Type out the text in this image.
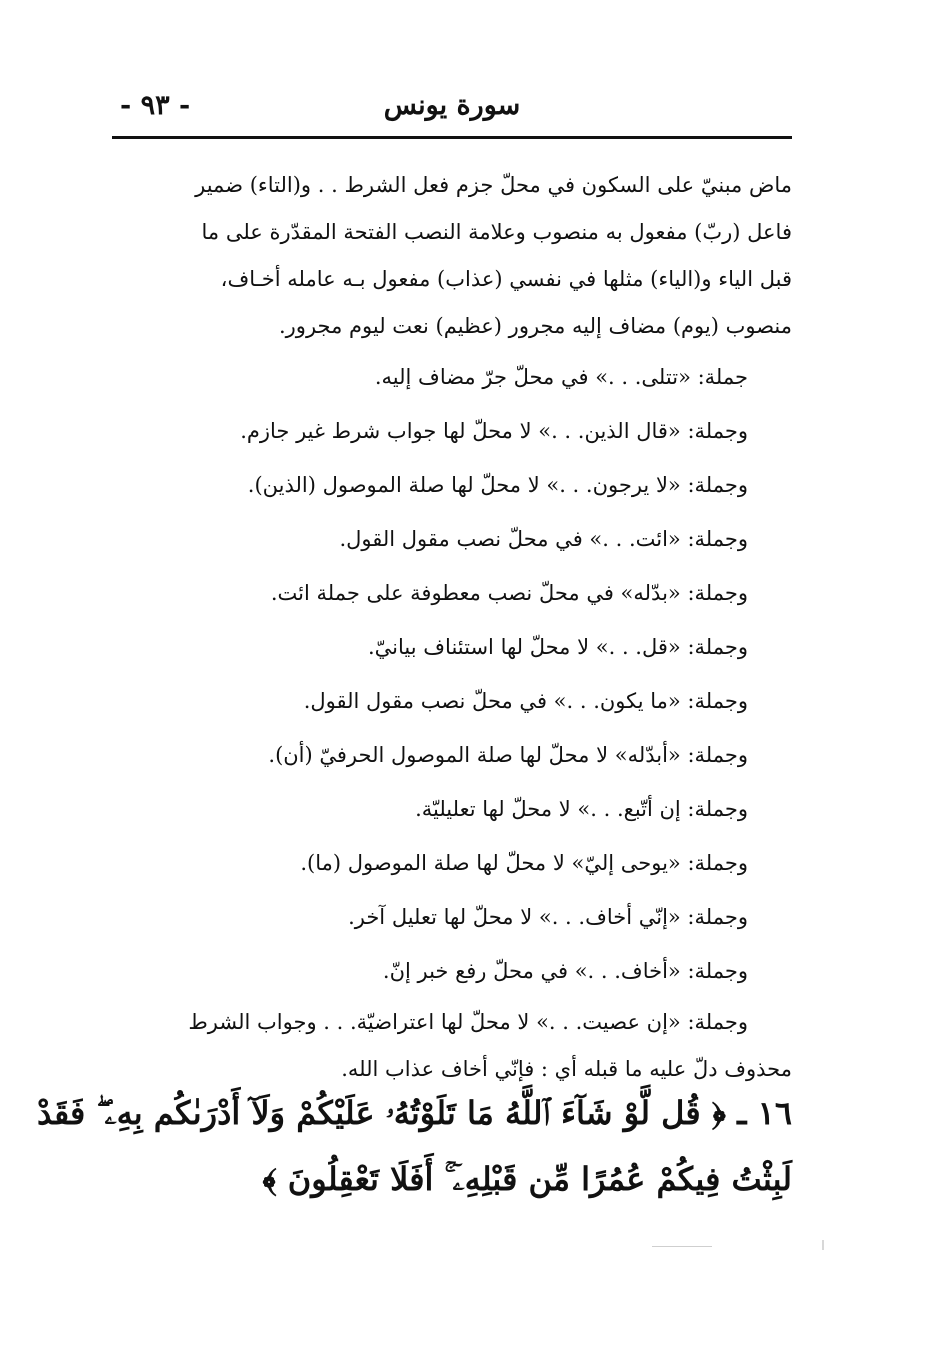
سورة يونس
- ٩٣ -

ماض مبنيّ على السكون في محلّ جزم فعل الشرط . . و(التاء) ضمير
فاعل (ربّ) مفعول به منصوب وعلامة النصب الفتحة المقدّرة على ما
قبل الياء و(الياء) مثلها في نفسي (عذاب) مفعول بـه عامله أخـاف،
منصوب (يوم) مضاف إليه مجرور (عظيم) نعت ليوم مجرور.

جملة: «تتلى. . .» في محلّ جرّ مضاف إليه.

وجملة: «قال الذين. . .» لا محلّ لها جواب شرط غير جازم.

وجملة: «لا يرجون. . .» لا محلّ لها صلة الموصول (الذين).

وجملة: «ائت. . .» في محلّ نصب مقول القول.

وجملة: «بدّله» في محلّ نصب معطوفة على جملة ائت.

وجملة: «قل. . .» لا محلّ لها استئناف بيانيّ.

وجملة: «ما يكون. . .» في محلّ نصب مقول القول.

وجملة: «أبدّله» لا محلّ لها صلة الموصول الحرفيّ (أن).

وجملة: إن أتّبع. . .» لا محلّ لها تعليليّة.

وجملة: «يوحى إليّ» لا محلّ لها صلة الموصول (ما).

وجملة: «إنّي أخاف. . .» لا محلّ لها تعليل آخر.

وجملة: «أخاف. . .» في محلّ رفع خبر إنّ.

وجملة: «إن عصيت. . .» لا محلّ لها اعتراضيّة. . . وجواب الشرط

محذوف دلّ عليه ما قبله أي : فإنّي أخاف عذاب الله.

١٦ ـ ﴿ قُل لَّوْ شَآءَ ٱللَّهُ مَا تَلَوْتُهُۥ عَلَيْكُمْ وَلَآ أَدْرَىٰكُم بِهِۦ ۖ فَقَدْ
لَبِثْتُ فِيكُمْ عُمُرًا مِّن قَبْلِهِۦٓ ۚ أَفَلَا تَعْقِلُونَ ﴾
